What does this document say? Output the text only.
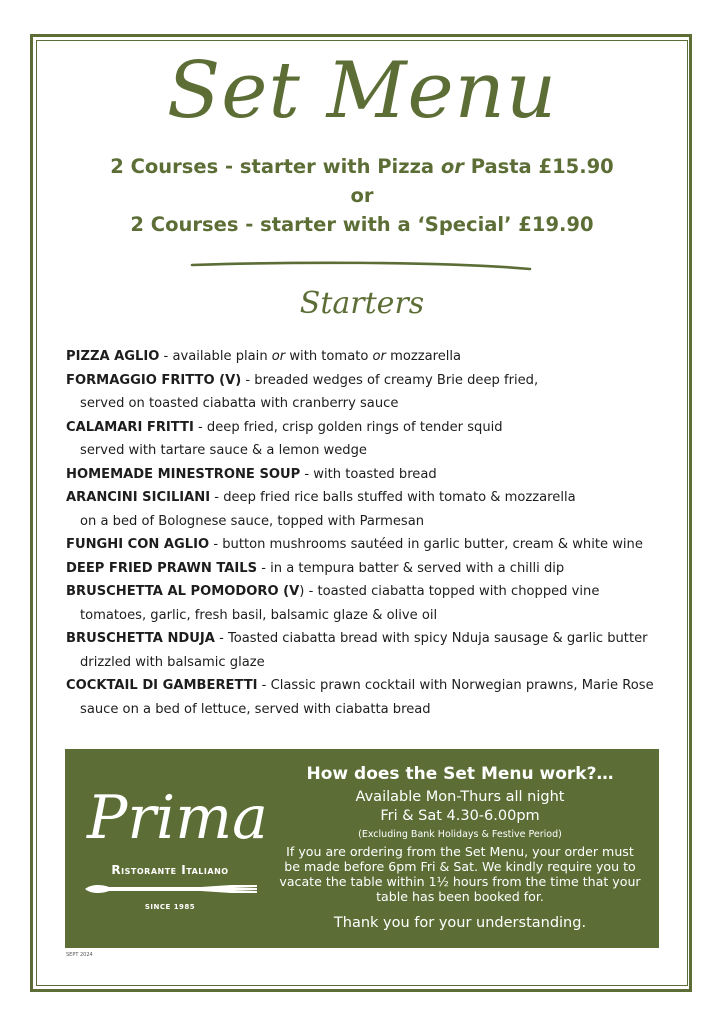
Set Menu
2 Courses - starter with Pizza or Pasta £15.90
or
2 Courses - starter with a ‘Special’ £19.90
Starters
PIZZA AGLIO - available plain or with tomato or mozzarella
FORMAGGIO FRITTO (V) - breaded wedges of creamy Brie deep fried,
served on toasted ciabatta with cranberry sauce
CALAMARI FRITTI - deep fried, crisp golden rings of tender squid
served with tartare sauce & a lemon wedge
HOMEMADE MINESTRONE SOUP - with toasted bread
ARANCINI SICILIANI - deep fried rice balls stuffed with tomato & mozzarella
on a bed of Bolognese sauce, topped with Parmesan
FUNGHI CON AGLIO - button mushrooms sautéed in garlic butter, cream & white wine
DEEP FRIED PRAWN TAILS - in a tempura batter & served with a chilli dip
BRUSCHETTA AL POMODORO (V) - toasted ciabatta topped with chopped vine
tomatoes, garlic, fresh basil, balsamic glaze & olive oil
BRUSCHETTA NDUJA - Toasted ciabatta bread with spicy Nduja sausage & garlic butter
drizzled with balsamic glaze
COCKTAIL DI GAMBERETTI - Classic prawn cocktail with Norwegian prawns, Marie Rose
sauce on a bed of lettuce, served with ciabatta bread
Prima
Ristorante Italiano
SINCE 1985
How does the Set Menu work?…
Available Mon-Thurs all night
Fri & Sat 4.30-6.00pm
(Excluding Bank Holidays & Festive Period)
If you are ordering from the Set Menu, your order must
be made before 6pm Fri & Sat. We kindly require you to
vacate the table within 1½ hours from the time that your
table has been booked for.
Thank you for your understanding.
SEPT 2024
